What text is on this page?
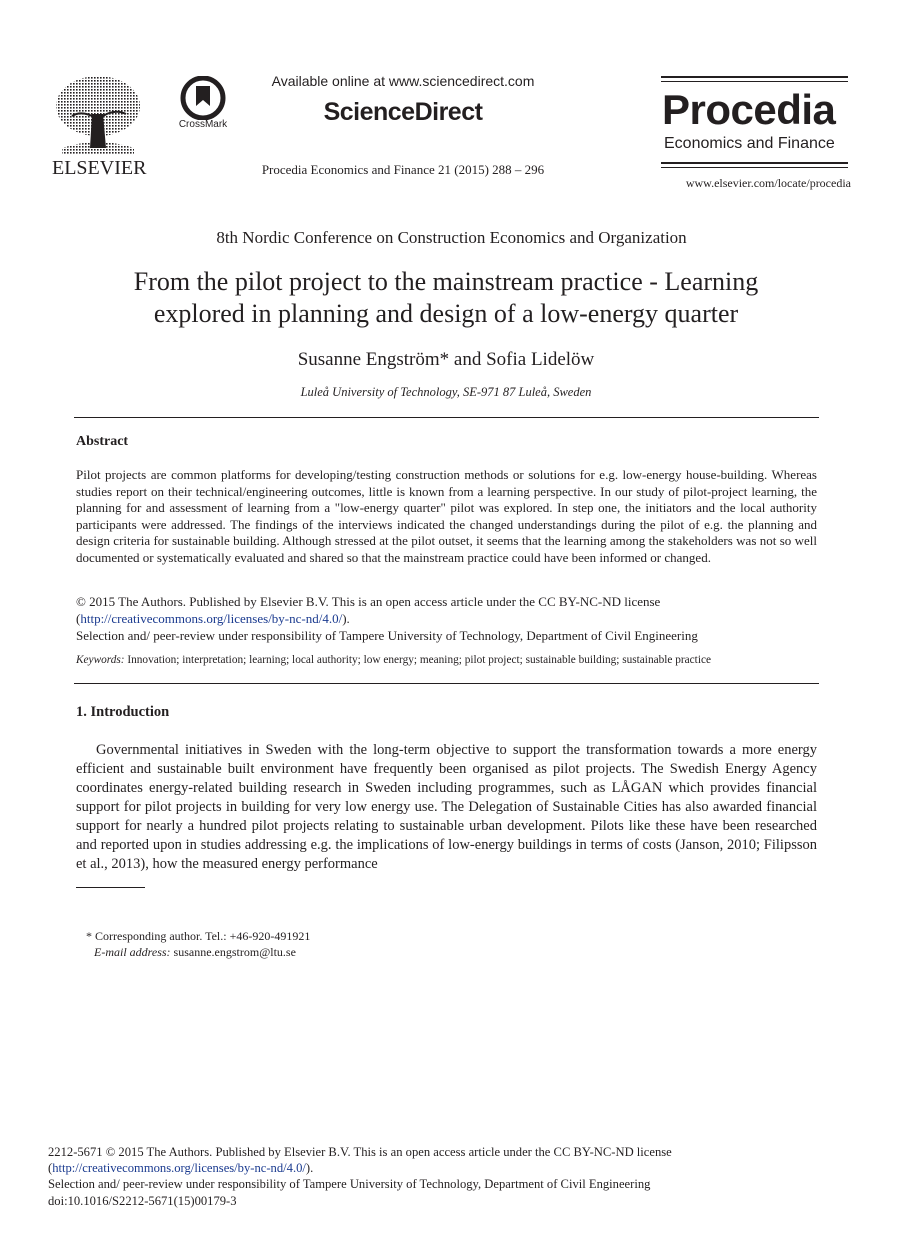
ELSEVIER
CrossMark
Available online at www.sciencedirect.com
ScienceDirect
Procedia Economics and Finance 21 (2015) 288 – 296
Procedia
Economics and Finance
www.elsevier.com/locate/procedia
8th Nordic Conference on Construction Economics and Organization
From the pilot project to the mainstream practice - Learning
explored in planning and design of a low-energy quarter
Susanne Engström* and Sofia Lidelöw
Luleå University of Technology, SE-971 87 Luleå, Sweden
Abstract

Pilot projects are common platforms for developing/testing construction methods or solutions for e.g. low-energy house-building. Whereas studies report on their technical/engineering outcomes, little is known from a learning perspective. In our study of pilot-project learning, the planning for and assessment of learning from a "low-energy quarter" pilot was explored. In step one, the initiators and the local authority participants were addressed. The findings of the interviews indicated the changed understandings during the pilot of e.g. the planning and design criteria for sustainable building. Although stressed at the pilot outset, it seems that the learning among the stakeholders was not so well documented or systematically evaluated and shared so that the mainstream practice could have been informed or changed.

© 2015 The Authors. Published by Elsevier B.V. This is an open access article under the CC BY-NC-ND license
(http://creativecommons.org/licenses/by-nc-nd/4.0/).
Selection and/ peer-review under responsibility of Tampere University of Technology, Department of Civil Engineering
Keywords: Innovation; interpretation; learning; local authority; low energy; meaning; pilot project; sustainable building; sustainable practice
1. Introduction

Governmental initiatives in Sweden with the long-term objective to support the transformation towards a more energy efficient and sustainable built environment have frequently been organised as pilot projects. The Swedish Energy Agency coordinates energy-related building research in Sweden including programmes, such as LÅGAN which provides financial support for pilot projects in building for very low energy use. The Delegation of Sustainable Cities has also awarded financial support for nearly a hundred pilot projects relating to sustainable urban development. Pilots like these have been researched and reported upon in studies addressing e.g. the implications of low-energy buildings in terms of costs (Janson, 2010; Filipsson et al., 2013), how the measured energy performance

* Corresponding author. Tel.: +46-920-491921
E-mail address: susanne.engstrom@ltu.se
2212-5671 © 2015 The Authors. Published by Elsevier B.V. This is an open access article under the CC BY-NC-ND license
(http://creativecommons.org/licenses/by-nc-nd/4.0/).
Selection and/ peer-review under responsibility of Tampere University of Technology, Department of Civil Engineering
doi:10.1016/S2212-5671(15)00179-3
